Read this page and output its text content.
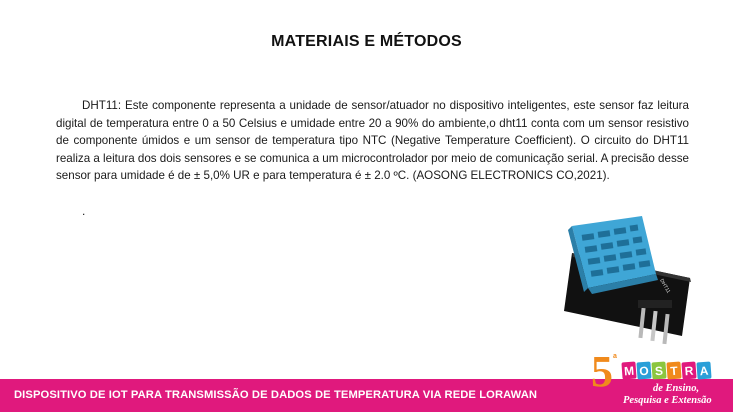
MATERIAIS E MÉTODOS
DHT11: Este componente representa a unidade de sensor/atuador no dispositivo inteligentes, este sensor faz leitura digital de temperatura entre 0 a 50 Celsius e umidade entre 20 a 90% do ambiente,o dht11 conta com um sensor resistivo de componente úmidos e um sensor de temperatura tipo NTC (Negative Temperature Coefficient). O circuito do DHT11 realiza a leitura dos dois sensores e se comunica a um microcontrolador por meio de comunicação serial. A precisão desse sensor para umidade é de ± 5,0% UR e para temperatura é ± 2.0 ºC. (AOSONG ELECTRONICS CO,2021).
.
DHT11
DISPOSITIVO DE IOT PARA TRANSMISSÃO DE DADOS DE TEMPERATURA VIA REDE LORAWAN 5 a
M O S T R A
de Ensino,
Pesquisa e Extensão
